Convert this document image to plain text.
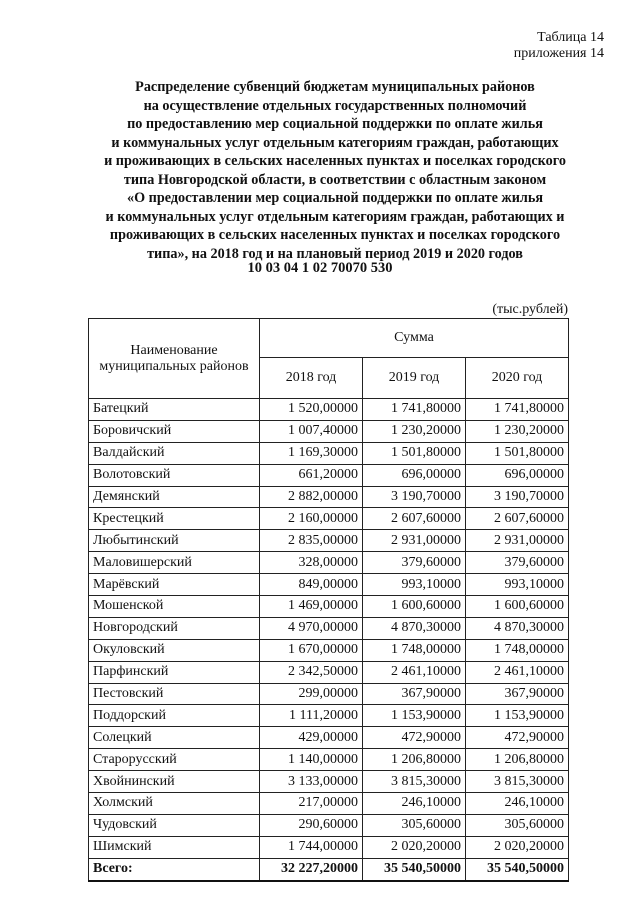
Таблица 14
приложения 14
Распределение субвенций бюджетам муниципальных районов
на осуществление отдельных государственных полномочий
по предоставлению мер социальной поддержки по оплате жилья
и коммунальных услуг отдельным категориям граждан, работающих
и проживающих в сельских населенных пунктах и поселках городского
типа Новгородской области, в соответствии с областным законом
«О предоставлении мер социальной поддержки по оплате жилья
и коммунальных услуг отдельным категориям граждан, работающих и
проживающих в сельских населенных пунктах и поселках городского
типа», на 2018 год и на плановый период 2019 и 2020 годов
10 03 04 1 02 70070 530
(тыс.рублей)
Наименование муниципальных районов	Сумма		
	2018 год	2019 год	2020 год
Батецкий	1 520,00000	1 741,80000	1 741,80000
Боровичский	1 007,40000	1 230,20000	1 230,20000
Валдайский	1 169,30000	1 501,80000	1 501,80000
Волотовский	661,20000	696,00000	696,00000
Демянский	2 882,00000	3 190,70000	3 190,70000
Крестецкий	2 160,00000	2 607,60000	2 607,60000
Любытинский	2 835,00000	2 931,00000	2 931,00000
Маловишерский	328,00000	379,60000	379,60000
Марёвский	849,00000	993,10000	993,10000
Мошенской	1 469,00000	1 600,60000	1 600,60000
Новгородский	4 970,00000	4 870,30000	4 870,30000
Окуловский	1 670,00000	1 748,00000	1 748,00000
Парфинский	2 342,50000	2 461,10000	2 461,10000
Пестовский	299,00000	367,90000	367,90000
Поддорский	1 111,20000	1 153,90000	1 153,90000
Солецкий	429,00000	472,90000	472,90000
Старорусский	1 140,00000	1 206,80000	1 206,80000
Хвойнинский	3 133,00000	3 815,30000	3 815,30000
Холмский	217,00000	246,10000	246,10000
Чудовский	290,60000	305,60000	305,60000
Шимский	1 744,00000	2 020,20000	2 020,20000
Всего:	32 227,20000	35 540,50000	35 540,50000
